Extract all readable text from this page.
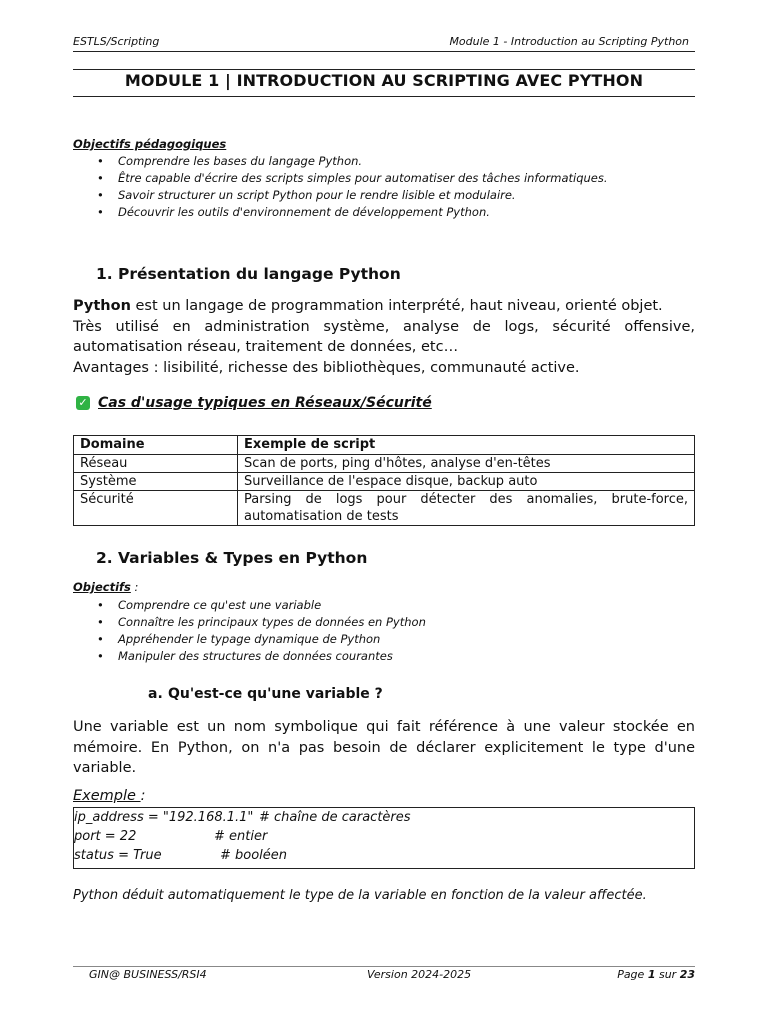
ESTLS/Scripting	Module 1 - Introduction au Scripting Python
MODULE 1 | INTRODUCTION AU SCRIPTING AVEC PYTHON
Objectifs pédagogiques
• Comprendre les bases du langage Python.
• Être capable d'écrire des scripts simples pour automatiser des tâches informatiques.
• Savoir structurer un script Python pour le rendre lisible et modulaire.
• Découvrir les outils d'environnement de développement Python.
1. Présentation du langage Python
Python est un langage de programmation interprété, haut niveau, orienté objet.
Très utilisé en administration système, analyse de logs, sécurité offensive,
automatisation réseau, traitement de données, etc…
Avantages : lisibilité, richesse des bibliothèques, communauté active.
✓ Cas d'usage typiques en Réseaux/Sécurité
Domaine	Exemple de script
Réseau	Scan de ports, ping d'hôtes, analyse d'en-têtes
Système	Surveillance de l'espace disque, backup auto
Sécurité	Parsing de logs pour détecter des anomalies, brute-force,
automatisation de tests
2. Variables & Types en Python
Objectifs :
• Comprendre ce qu'est une variable
• Connaître les principaux types de données en Python
• Appréhender le typage dynamique de Python
• Manipuler des structures de données courantes
a. Qu'est-ce qu'une variable ?
Une variable est un nom symbolique qui fait référence à une valeur stockée en
mémoire. En Python, on n'a pas besoin de déclarer explicitement le type d'une
variable.
Exemple :
ip_address = "192.168.1.1" # chaîne de caractères
port = 22	# entier
status = True	# booléen
Python déduit automatiquement le type de la variable en fonction de la valeur affectée.
GIN@ BUSINESS/RSI4	Version 2024-2025	Page 1 sur 23
